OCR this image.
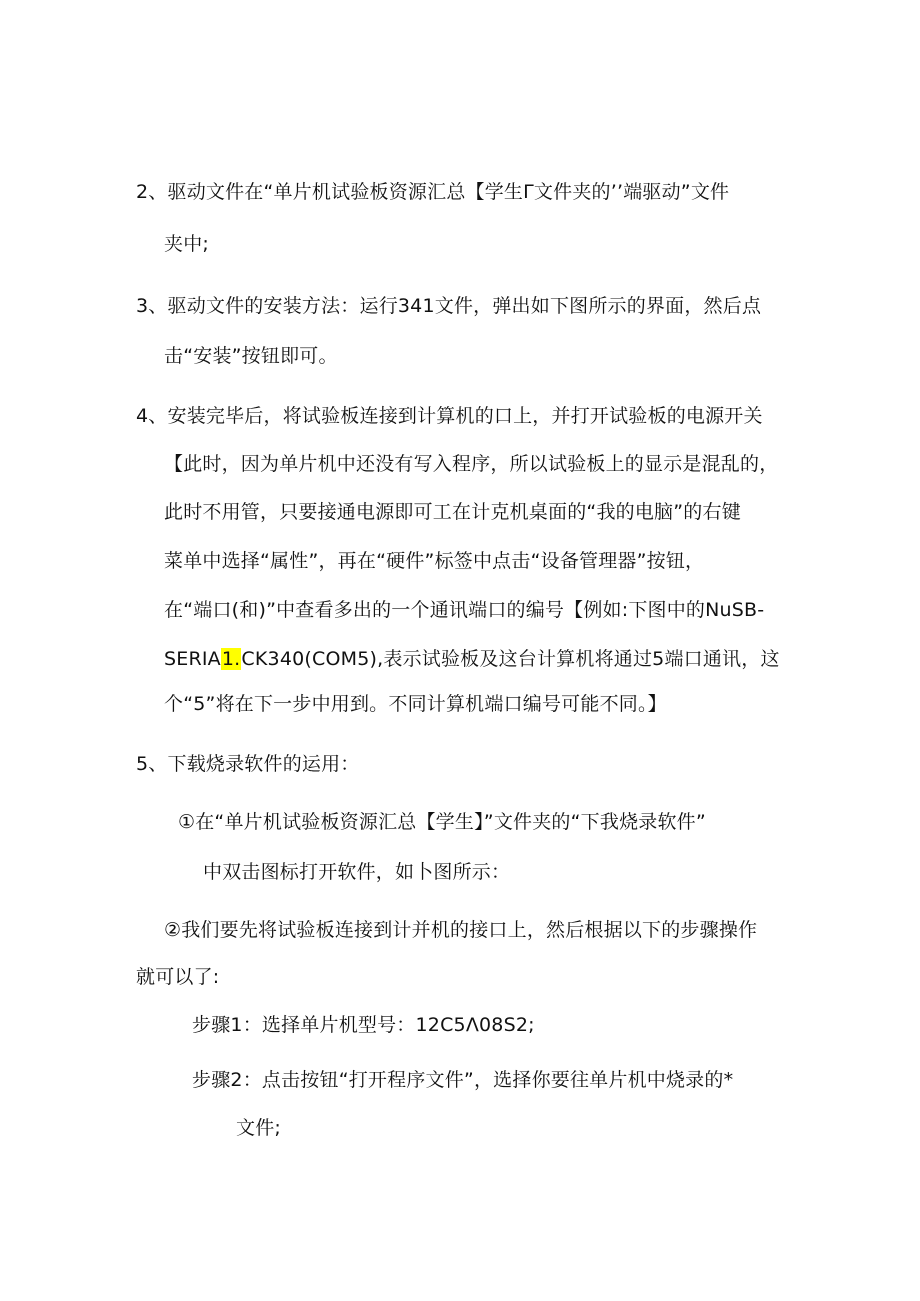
2、驱动文件在“单片机试验板资源汇总【学生Γ文件夹的’’端驱动”文件
夹中;
3、驱动文件的安装方法：运行341文件，弹出如下图所示的界面，然后点
击“安装”按钮即可。
4、安装完毕后，将试验板连接到计算机的口上，并打开试验板的电源开关
【此时，因为单片机中还没有写入程序，所以试验板上的显示是混乱的，
此时不用管，只要接通电源即可工在计克机桌面的“我的电脑”的右键
菜单中选择“属性”，再在“硬件”标签中点击“设备管理器”按钮，
在“端口(和)”中查看多出的一个通讯端口的编号【例如:下图中的NuSB-
SERIA1.CK340(COM5),表示试验板及这台计算机将通过5端口通讯，这
个“5”将在下一步中用到。不同计算机端口编号可能不同。】
5、下载烧录软件的运用：
①在“单片机试验板资源汇总【学生】”文件夹的“下我烧录软件”
中双击图标打开软件，如卜图所示：
②我们要先将试验板连接到计并机的接口上，然后根据以下的步骤操作
就可以了:
步骤1：选择单片机型号：12C5Λ08S2;
步骤2：点击按钮“打开程序文件”，选择你要往单片机中烧录的*
文件;
